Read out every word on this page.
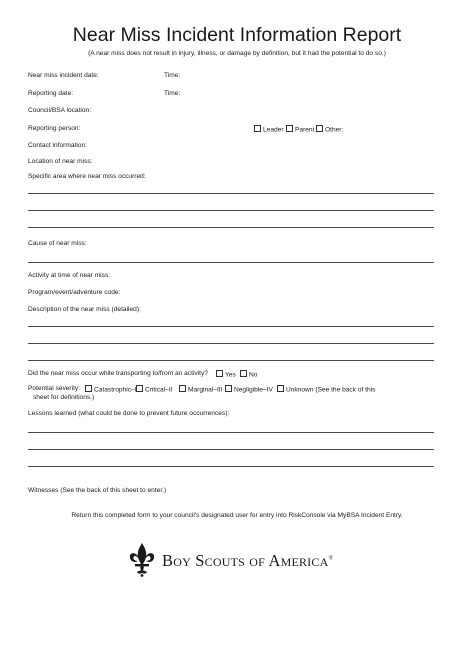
Near Miss Incident Information Report
(A near miss does not result in injury, illness, or damage by definition, but it had the potential to do so.)
Near miss incident date:	Time:
Reporting date:	Time:
Council/BSA location:
Reporting person:	Leader	Parent	Other:
Contact information:
Location of near miss:
Specific area where near miss occurred:
Cause of near miss:
Activity at time of near miss:
Program/event/adventure code:
Description of the near miss (detailed):
Did the near miss occur while transporting to/from an activity?	Yes	No
Potential severity:	Catastrophic–I	Critical–II	Marginal–III	Negligible–IV	Unknown (See the back of this
sheet for definitions.)
Lessons learned (what could be done to prevent future occurrences):
Witnesses (See the back of this sheet to enter.)
Return this completed form to your council's designated user for entry into RiskConsole via MyBSA Incident Entry.
Boy Scouts of America®
